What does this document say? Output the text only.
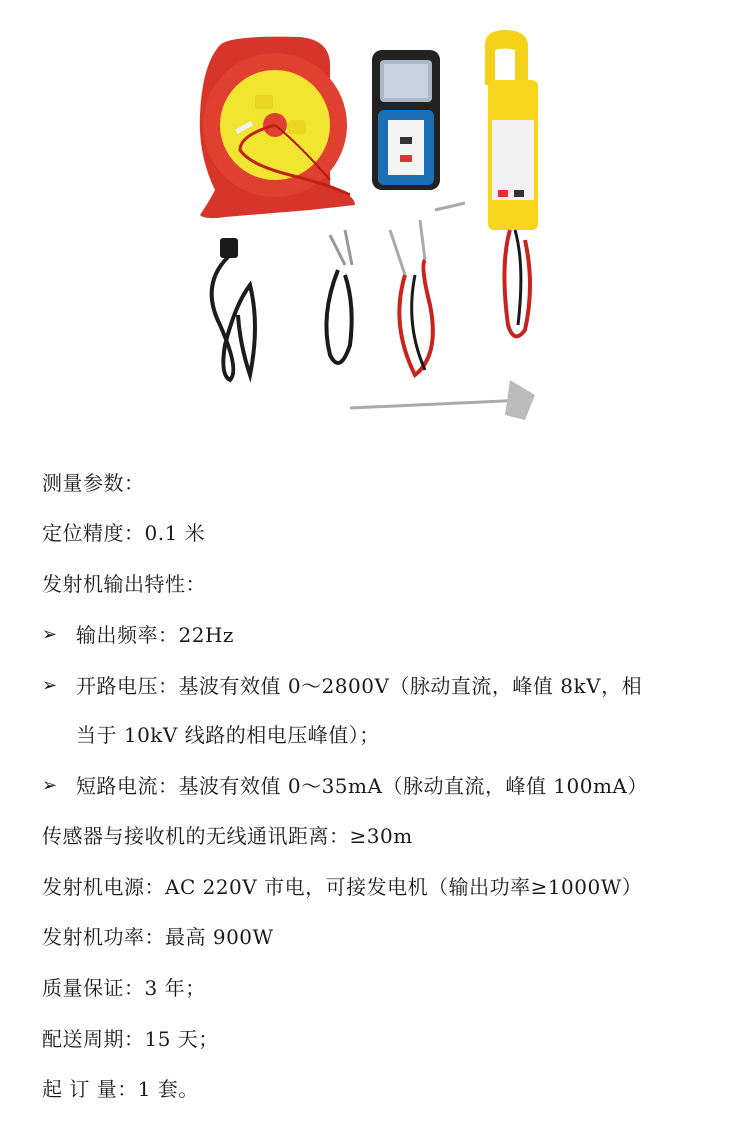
测量参数：
定位精度：0.1 米
发射机输出特性：
➢ 输出频率：22Hz
➢ 开路电压：基波有效值 0～2800V（脉动直流，峰值 8kV，相
当于 10kV 线路的相电压峰值）；
➢ 短路电流：基波有效值 0～35mA（脉动直流，峰值 100mA）
传感器与接收机的无线通讯距离：≥30m
发射机电源：AC 220V 市电，可接发电机（输出功率≥1000W）
发射机功率：最高 900W
质量保证：3 年；
配送周期：15 天；
起 订 量：1 套。
